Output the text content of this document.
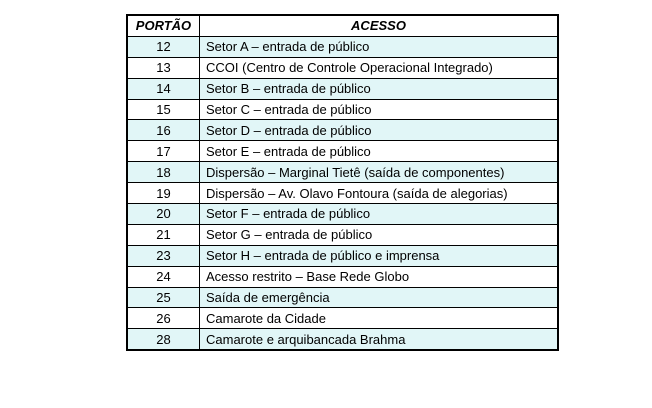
PORTÃO	ACESSO
12	Setor A – entrada de público
13	CCOI (Centro de Controle Operacional Integrado)
14	Setor B – entrada de público
15	Setor C – entrada de público
16	Setor D – entrada de público
17	Setor E – entrada de público
18	Dispersão – Marginal Tietê (saída de componentes)
19	Dispersão – Av. Olavo Fontoura (saída de alegorias)
20	Setor F – entrada de público
21	Setor G – entrada de público
23	Setor H – entrada de público e imprensa
24	Acesso restrito – Base Rede Globo
25	Saída de emergência
26	Camarote da Cidade
28	Camarote e arquibancada Brahma
